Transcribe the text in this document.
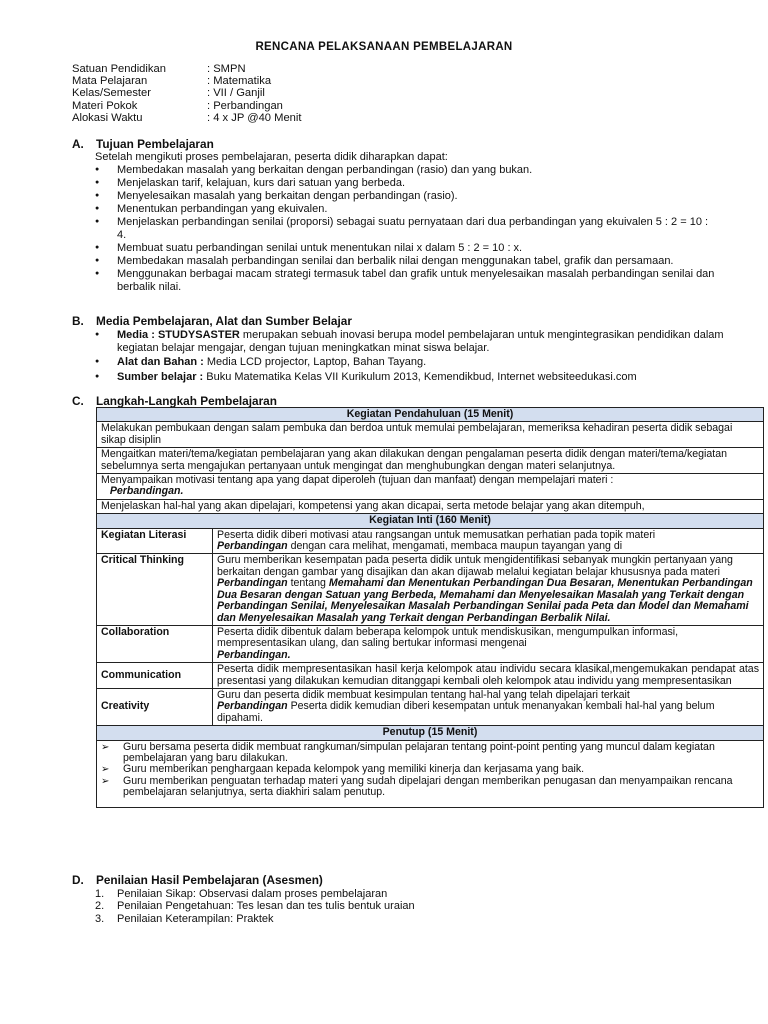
RENCANA PELAKSANAAN PEMBELAJARAN
Satuan Pendidikan	: SMPN
Mata Pelajaran	: Matematika
Kelas/Semester	: VII / Ganjil
Materi Pokok	: Perbandingan
Alokasi Waktu	: 4 x JP @40 Menit
A. Tujuan Pembelajaran
Setelah mengikuti proses pembelajaran, peserta didik diharapkan dapat:
● Membedakan masalah yang berkaitan dengan perbandingan (rasio) dan yang bukan.
● Menjelaskan tarif, kelajuan, kurs dari satuan yang berbeda.
● Menyelesaikan masalah yang berkaitan dengan perbandingan (rasio).
● Menentukan perbandingan yang ekuivalen.
● Menjelaskan perbandingan senilai (proporsi) sebagai suatu pernyataan dari dua perbandingan yang ekuivalen 5 : 2 = 10 : 4.
● Membuat suatu perbandingan senilai untuk menentukan nilai x dalam 5 : 2 = 10 : x.
● Membedakan masalah perbandingan senilai dan berbalik nilai dengan menggunakan tabel, grafik dan persamaan.
● Menggunakan berbagai macam strategi termasuk tabel dan grafik untuk menyelesaikan masalah perbandingan senilai dan berbalik nilai.
B. Media Pembelajaran, Alat dan Sumber Belajar
● Media : STUDYSASTER merupakan sebuah inovasi berupa model pembelajaran untuk mengintegrasikan pendidikan dalam kegiatan belajar mengajar, dengan tujuan meningkatkan minat siswa belajar.
● Alat dan Bahan : Media LCD projector, Laptop, Bahan Tayang.
● Sumber belajar : Buku Matematika Kelas VII Kurikulum 2013, Kemendikbud, Internet websiteedukasi.com
C. Langkah-Langkah Pembelajaran
Kegiatan Pendahuluan (15 Menit)	
Melakukan pembukaan dengan salam pembuka dan berdoa untuk memulai pembelajaran, memeriksa kehadiran peserta didik sebagai sikap disiplin	
Mengaitkan materi/tema/kegiatan pembelajaran yang akan dilakukan dengan pengalaman peserta didik dengan materi/tema/kegiatan sebelumnya serta mengajukan pertanyaan untuk mengingat dan menghubungkan dengan materi selanjutnya.	
Menyampaikan motivasi tentang apa yang dapat diperoleh (tujuan dan manfaat) dengan mempelajari materi :
Perbandingan.	
Menjelaskan hal-hal yang akan dipelajari, kompetensi yang akan dicapai, serta metode belajar yang akan ditempuh,	
Kegiatan Inti (160 Menit)	
Kegiatan Literasi	Peserta didik diberi motivasi atau rangsangan untuk memusatkan perhatian pada topik materi
Perbandingan dengan cara melihat, mengamati, membaca maupun tayangan yang di
Critical Thinking	Guru memberikan kesempatan pada peserta didik untuk mengidentifikasi sebanyak mungkin pertanyaan yang berkaitan dengan gambar yang disajikan dan akan dijawab melalui kegiatan belajar khususnya pada materi Perbandingan tentang Memahami dan Menentukan Perbandingan Dua Besaran, Menentukan Perbandingan Dua Besaran dengan Satuan yang Berbeda, Memahami dan Menyelesaikan Masalah yang Terkait dengan Perbandingan Senilai, Menyelesaikan Masalah Perbandingan Senilai pada Peta dan Model dan Memahami dan Menyelesaikan Masalah yang Terkait dengan Perbandingan Berbalik Nilai.
Collaboration	Peserta didik dibentuk dalam beberapa kelompok untuk mendiskusikan, mengumpulkan informasi, mempresentasikan ulang, dan saling bertukar informasi mengenai
Perbandingan.
Communication	Peserta didik mempresentasikan hasil kerja kelompok atau individu secara klasikal,mengemukakan pendapat atas presentasi yang dilakukan kemudian ditanggapi kembali oleh kelompok atau individu yang mempresentasikan
Creativity	Guru dan peserta didik membuat kesimpulan tentang hal-hal yang telah dipelajari terkait
Perbandingan Peserta didik kemudian diberi kesempatan untuk menanyakan kembali hal-hal yang belum dipahami.
Penutup (15 Menit)	

➢ Guru bersama peserta didik membuat rangkuman/simpulan pelajaran tentang point-point penting yang muncul dalam kegiatan pembelajaran yang baru dilakukan.
➢ Guru memberikan penghargaan kepada kelompok yang memiliki kinerja dan kerjasama yang baik.
➢ Guru memberikan penguatan terhadap materi yang sudah dipelajari dengan memberikan penugasan dan menyampaikan rencana pembelajaran selanjutnya, serta diakhiri salam penutup.
D. Penilaian Hasil Pembelajaran (Asesmen)
1.	Penilaian Sikap: Observasi dalam proses pembelajaran
2.	Penilaian Pengetahuan: Tes lesan dan tes tulis bentuk uraian
3.	Penilaian Keterampilan: Praktek
